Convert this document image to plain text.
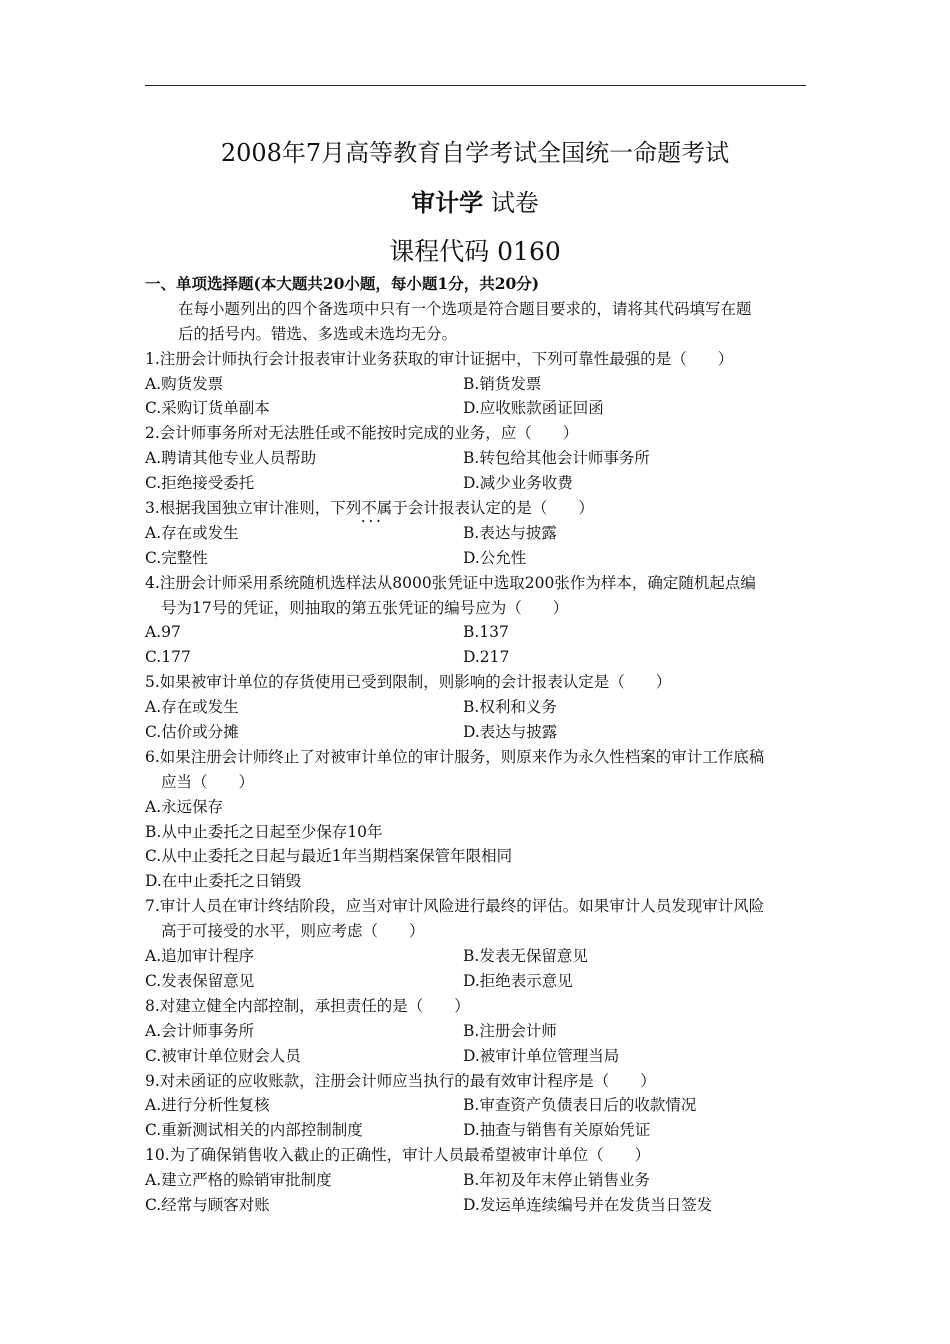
2008年7月高等教育自学考试全国统一命题考试
审计学 试卷
课程代码 0160
一、单项选择题(本大题共20小题，每小题1分，共20分)
在每小题列出的四个备选项中只有一个选项是符合题目要求的，请将其代码填写在题
后的括号内。错选、多选或未选均无分。
1.注册会计师执行会计报表审计业务获取的审计证据中，下列可靠性最强的是（　　）
A.购货发票	B.销货发票
C.采购订货单副本	D.应收账款函证回函
2.会计师事务所对无法胜任或不能按时完成的业务，应（　　）
A.聘请其他专业人员帮助	B.转包给其他会计师事务所
C.拒绝接受委托	D.减少业务收费
3.根据我国独立审计准则，下列不属于 · · ·会计报表认定的是（　　）
A.存在或发生	B.表达与披露
C.完整性	D.公允性
4.注册会计师采用系统随机选样法从8000张凭证中选取200张作为样本，确定随机起点编
号为17号的凭证，则抽取的第五张凭证的编号应为（　　）
A.97	B.137
C.177	D.217
5.如果被审计单位的存货使用已受到限制，则影响的会计报表认定是（　　）
A.存在或发生	B.权利和义务
C.估价或分摊	D.表达与披露
6.如果注册会计师终止了对被审计单位的审计服务，则原来作为永久性档案的审计工作底稿
应当（　　）
A.永远保存
B.从中止委托之日起至少保存10年
C.从中止委托之日起与最近1年当期档案保管年限相同
D.在中止委托之日销毁
7.审计人员在审计终结阶段，应当对审计风险进行最终的评估。如果审计人员发现审计风险
高于可接受的水平，则应考虑（　　）
A.追加审计程序	B.发表无保留意见
C.发表保留意见	D.拒绝表示意见
8.对建立健全内部控制，承担责任的是（　　）
A.会计师事务所	B.注册会计师
C.被审计单位财会人员	D.被审计单位管理当局
9.对未函证的应收账款，注册会计师应当执行的最有效审计程序是（　　）
A.进行分析性复核	B.审查资产负债表日后的收款情况
C.重新测试相关的内部控制制度	D.抽查与销售有关原始凭证
10.为了确保销售收入截止的正确性，审计人员最希望被审计单位（　　）
A.建立严格的赊销审批制度	B.年初及年末停止销售业务
C.经常与顾客对账	D.发运单连续编号并在发货当日签发
